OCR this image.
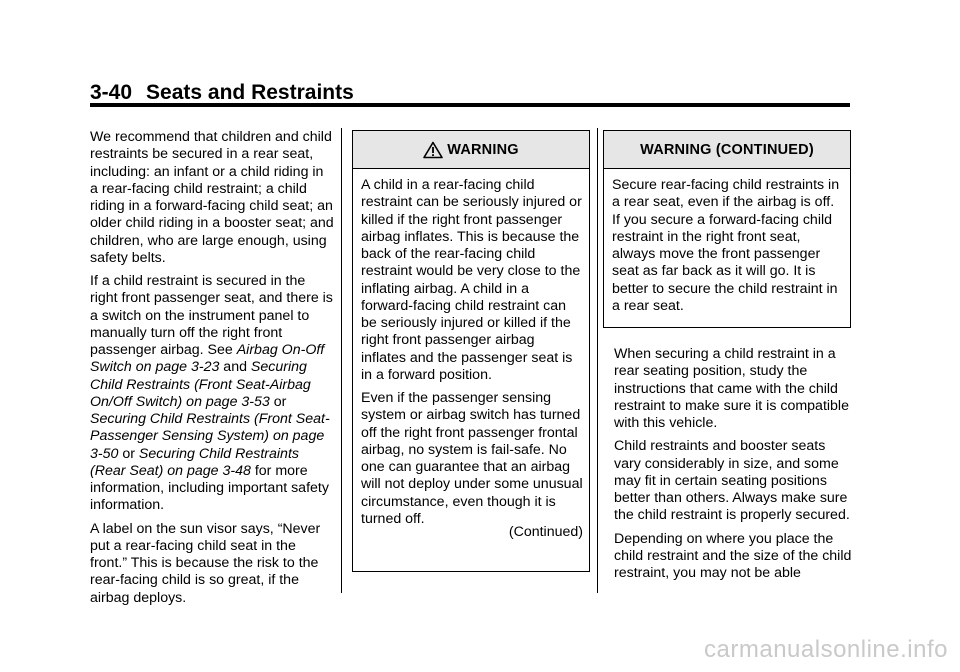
3-40 Seats and Restraints

We recommend that children and child restraints be secured in a rear seat, including: an infant or a child riding in a rear-facing child restraint; a child riding in a forward-facing child seat; an older child riding in a booster seat; and children, who are large enough, using safety belts.

If a child restraint is secured in the right front passenger seat, and there is a switch on the instrument panel to manually turn off the right front passenger airbag. See Airbag On-Off Switch on page 3-23 and Securing Child Restraints (Front Seat-Airbag On/Off Switch) on page 3-53 or Securing Child Restraints (Front Seat-Passenger Sensing System) on page 3-50 or Securing Child Restraints (Rear Seat) on page 3-48 for more information, including important safety information.

A label on the sun visor says, “Never put a rear-facing child seat in the front.” This is because the risk to the rear-facing child is so great, if the airbag deploys.

WARNING

A child in a rear-facing child restraint can be seriously injured or killed if the right front passenger airbag inflates. This is because the back of the rear-facing child restraint would be very close to the inflating airbag. A child in a forward-facing child restraint can be seriously injured or killed if the right front passenger airbag inflates and the passenger seat is in a forward position.

Even if the passenger sensing system or airbag switch has turned off the right front passenger frontal airbag, no system is fail-safe. No one can guarantee that an airbag will not deploy under some unusual circumstance, even though it is turned off.

(Continued)
WARNING (CONTINUED)

Secure rear-facing child restraints in a rear seat, even if the airbag is off. If you secure a forward-facing child restraint in the right front seat, always move the front passenger seat as far back as it will go. It is better to secure the child restraint in a rear seat.

When securing a child restraint in a rear seating position, study the instructions that came with the child restraint to make sure it is compatible with this vehicle.

Child restraints and booster seats vary considerably in size, and some may fit in certain seating positions better than others. Always make sure the child restraint is properly secured.

Depending on where you place the child restraint and the size of the child restraint, you may not be able

carmanualsonline.info
